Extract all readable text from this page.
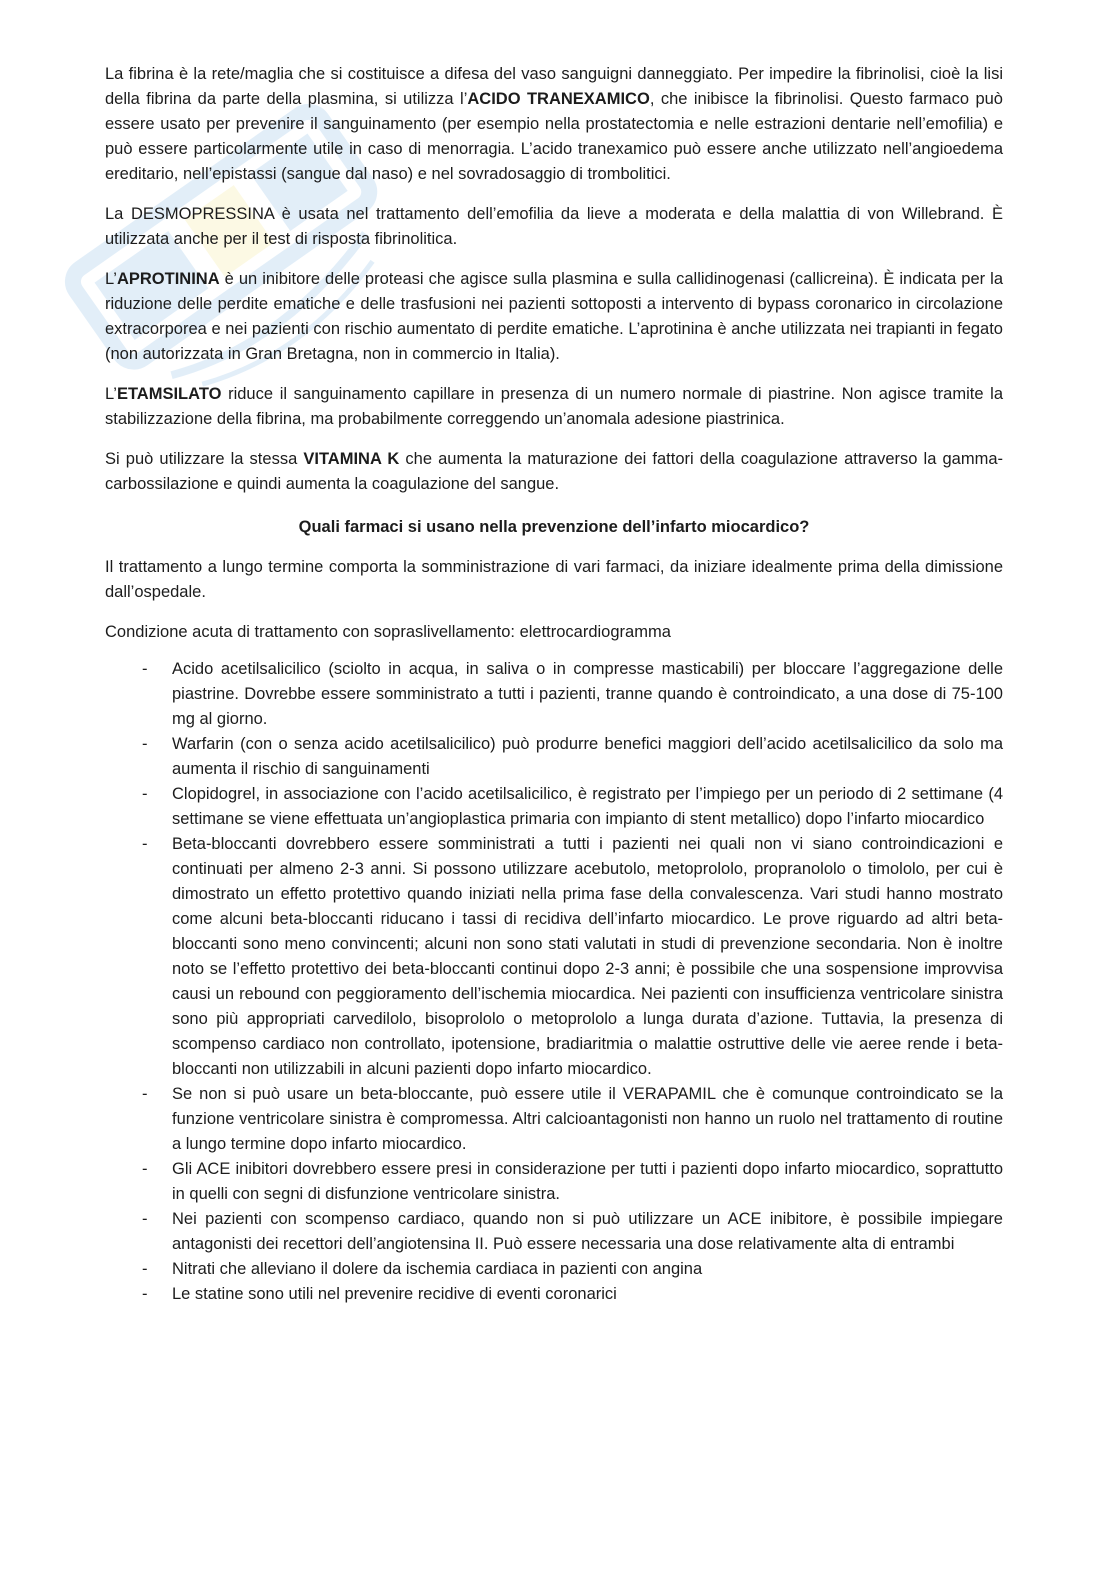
La fibrina è la rete/maglia che si costituisce a difesa del vaso sanguigni danneggiato. Per impedire la fibrinolisi, cioè la lisi della fibrina da parte della plasmina, si utilizza l’ACIDO TRANEXAMICO, che inibisce la fibrinolisi. Questo farmaco può essere usato per prevenire il sanguinamento (per esempio nella prostatectomia e nelle estrazioni dentarie nell’emofilia) e può essere particolarmente utile in caso di menorragia. L’acido tranexamico può essere anche utilizzato nell’angioedema ereditario, nell’epistassi (sangue dal naso) e nel sovradosaggio di trombolitici.

La DESMOPRESSINA è usata nel trattamento dell’emofilia da lieve a moderata e della malattia di von Willebrand. È utilizzata anche per il test di risposta fibrinolitica.

L’APROTININA è un inibitore delle proteasi che agisce sulla plasmina e sulla callidinogenasi (callicreina). È indicata per la riduzione delle perdite ematiche e delle trasfusioni nei pazienti sottoposti a intervento di bypass coronarico in circolazione extracorporea e nei pazienti con rischio aumentato di perdite ematiche. L’aprotinina è anche utilizzata nei trapianti in fegato (non autorizzata in Gran Bretagna, non in commercio in Italia).

L’ETAMSILATO riduce il sanguinamento capillare in presenza di un numero normale di piastrine. Non agisce tramite la stabilizzazione della fibrina, ma probabilmente correggendo un’anomala adesione piastrinica.

Si può utilizzare la stessa VITAMINA K che aumenta la maturazione dei fattori della coagulazione attraverso la gamma-carbossilazione e quindi aumenta la coagulazione del sangue.

Quali farmaci si usano nella prevenzione dell’infarto miocardico?

Il trattamento a lungo termine comporta la somministrazione di vari farmaci, da iniziare idealmente prima della dimissione dall’ospedale.

Condizione acuta di trattamento con sopraslivellamento: elettrocardiogramma

- Acido acetilsalicilico (sciolto in acqua, in saliva o in compresse masticabili) per bloccare l’aggregazione delle piastrine. Dovrebbe essere somministrato a tutti i pazienti, tranne quando è controindicato, a una dose di 75-100 mg al giorno.
- Warfarin (con o senza acido acetilsalicilico) può produrre benefici maggiori dell’acido acetilsalicilico da solo ma aumenta il rischio di sanguinamenti
- Clopidogrel, in associazione con l’acido acetilsalicilico, è registrato per l’impiego per un periodo di 2 settimane (4 settimane se viene effettuata un’angioplastica primaria con impianto di stent metallico) dopo l’infarto miocardico
- Beta-bloccanti dovrebbero essere somministrati a tutti i pazienti nei quali non vi siano controindicazioni e continuati per almeno 2-3 anni. Si possono utilizzare acebutolo, metoprololo, propranololo o timololo, per cui è dimostrato un effetto protettivo quando iniziati nella prima fase della convalescenza. Vari studi hanno mostrato come alcuni beta-bloccanti riducano i tassi di recidiva dell’infarto miocardico. Le prove riguardo ad altri beta-bloccanti sono meno convincenti; alcuni non sono stati valutati in studi di prevenzione secondaria. Non è inoltre noto se l’effetto protettivo dei beta-bloccanti continui dopo 2-3 anni; è possibile che una sospensione improvvisa causi un rebound con peggioramento dell’ischemia miocardica. Nei pazienti con insufficienza ventricolare sinistra sono più appropriati carvedilolo, bisoprololo o metoprololo a lunga durata d’azione. Tuttavia, la presenza di scompenso cardiaco non controllato, ipotensione, bradiaritmia o malattie ostruttive delle vie aeree rende i beta-bloccanti non utilizzabili in alcuni pazienti dopo infarto miocardico.
- Se non si può usare un beta-bloccante, può essere utile il VERAPAMIL che è comunque controindicato se la funzione ventricolare sinistra è compromessa. Altri calcioantagonisti non hanno un ruolo nel trattamento di routine a lungo termine dopo infarto miocardico.
- Gli ACE inibitori dovrebbero essere presi in considerazione per tutti i pazienti dopo infarto miocardico, soprattutto in quelli con segni di disfunzione ventricolare sinistra.
- Nei pazienti con scompenso cardiaco, quando non si può utilizzare un ACE inibitore, è possibile impiegare antagonisti dei recettori dell’angiotensina II. Può essere necessaria una dose relativamente alta di entrambi
- Nitrati che alleviano il dolere da ischemia cardiaca in pazienti con angina
- Le statine sono utili nel prevenire recidive di eventi coronarici
